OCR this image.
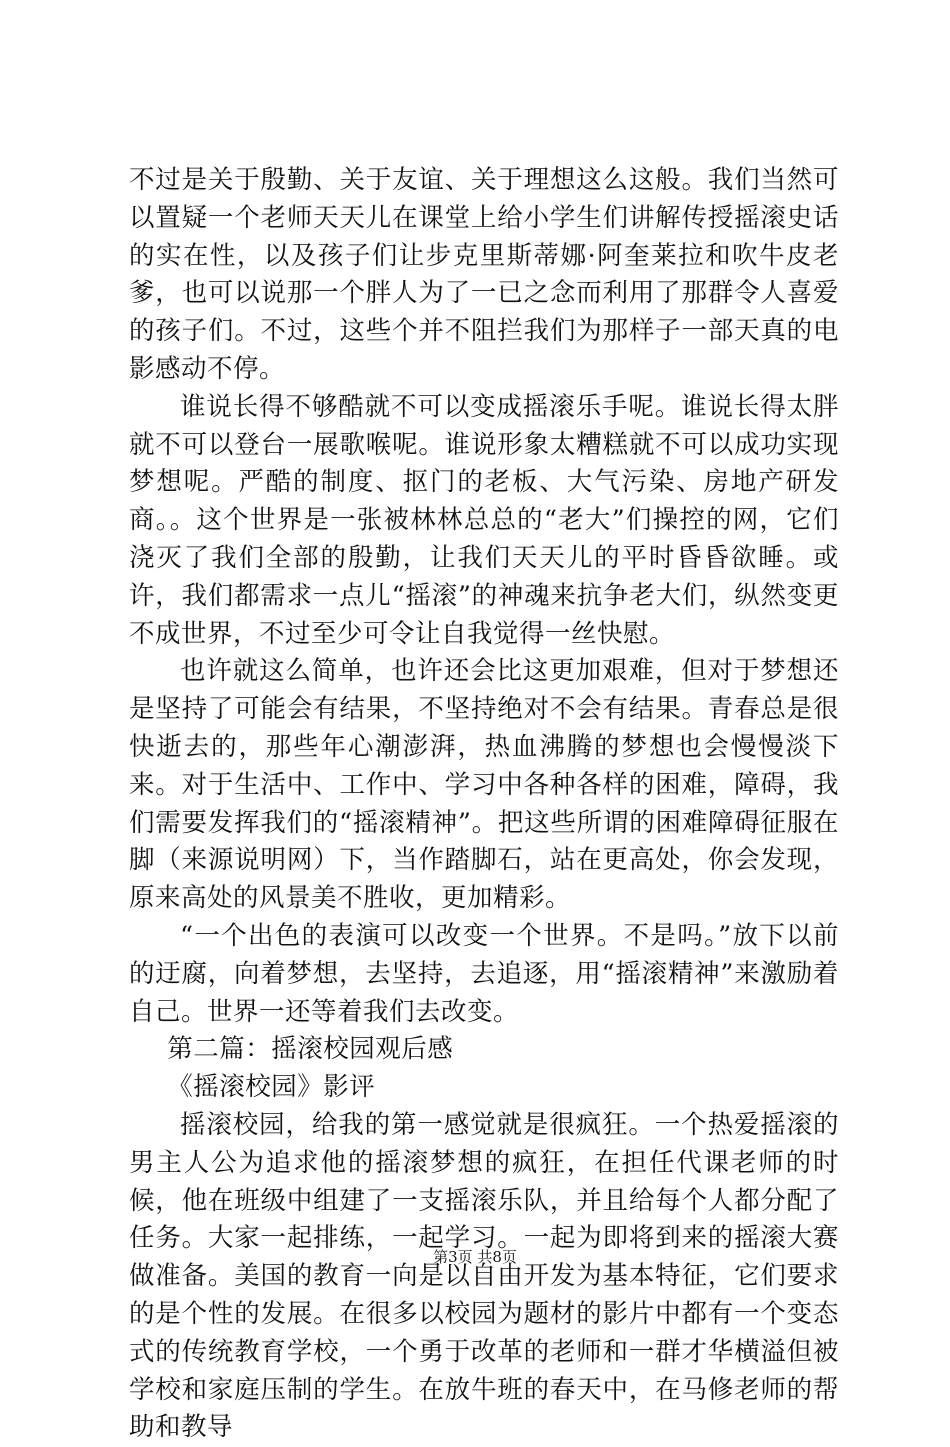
不过是关于殷勤、关于友谊、关于理想这么这般。我们当然可以置疑一个老师天天儿在课堂上给小学生们讲解传授摇滚史话的实在性，以及孩子们让步克里斯蒂娜·阿奎莱拉和吹牛皮老爹，也可以说那一个胖人为了一已之念而利用了那群令人喜爱的孩子们。不过，这些个并不阻拦我们为那样子一部天真的电影感动不停。

谁说长得不够酷就不可以变成摇滚乐手呢。谁说长得太胖就不可以登台一展歌喉呢。谁说形象太糟糕就不可以成功实现梦想呢。严酷的制度、抠门的老板、大气污染、房地产研发商。。这个世界是一张被林林总总的“老大”们操控的网，它们浇灭了我们全部的殷勤，让我们天天儿的平时昏昏欲睡。或许，我们都需求一点儿“摇滚”的神魂来抗争老大们，纵然变更不成世界，不过至少可令让自我觉得一丝快慰。

也许就这么简单，也许还会比这更加艰难，但对于梦想还是坚持了可能会有结果，不坚持绝对不会有结果。青春总是很快逝去的，那些年心潮澎湃，热血沸腾的梦想也会慢慢淡下来。对于生活中、工作中、学习中各种各样的困难，障碍，我们需要发挥我们的“摇滚精神”。把这些所谓的困难障碍征服在脚（来源说明网）下，当作踏脚石，站在更高处，你会发现，原来高处的风景美不胜收，更加精彩。

“一个出色的表演可以改变一个世界。不是吗。”放下以前的迂腐，向着梦想，去坚持，去追逐，用“摇滚精神”来激励着自己。世界一还等着我们去改变。

第二篇：摇滚校园观后感

《摇滚校园》影评

摇滚校园，给我的第一感觉就是很疯狂。一个热爱摇滚的男主人公为追求他的摇滚梦想的疯狂，在担任代课老师的时候，他在班级中组建了一支摇滚乐队，并且给每个人都分配了任务。大家一起排练，一起学习。一起为即将到来的摇滚大赛做准备。美国的教育一向是以自由开发为基本特征，它们要求的是个性的发展。在很多以校园为题材的影片中都有一个变态式的传统教育学校，一个勇于改革的老师和一群才华横溢但被学校和家庭压制的学生。在放牛班的春天中，在马修老师的帮助和教导

第3页 共8页
